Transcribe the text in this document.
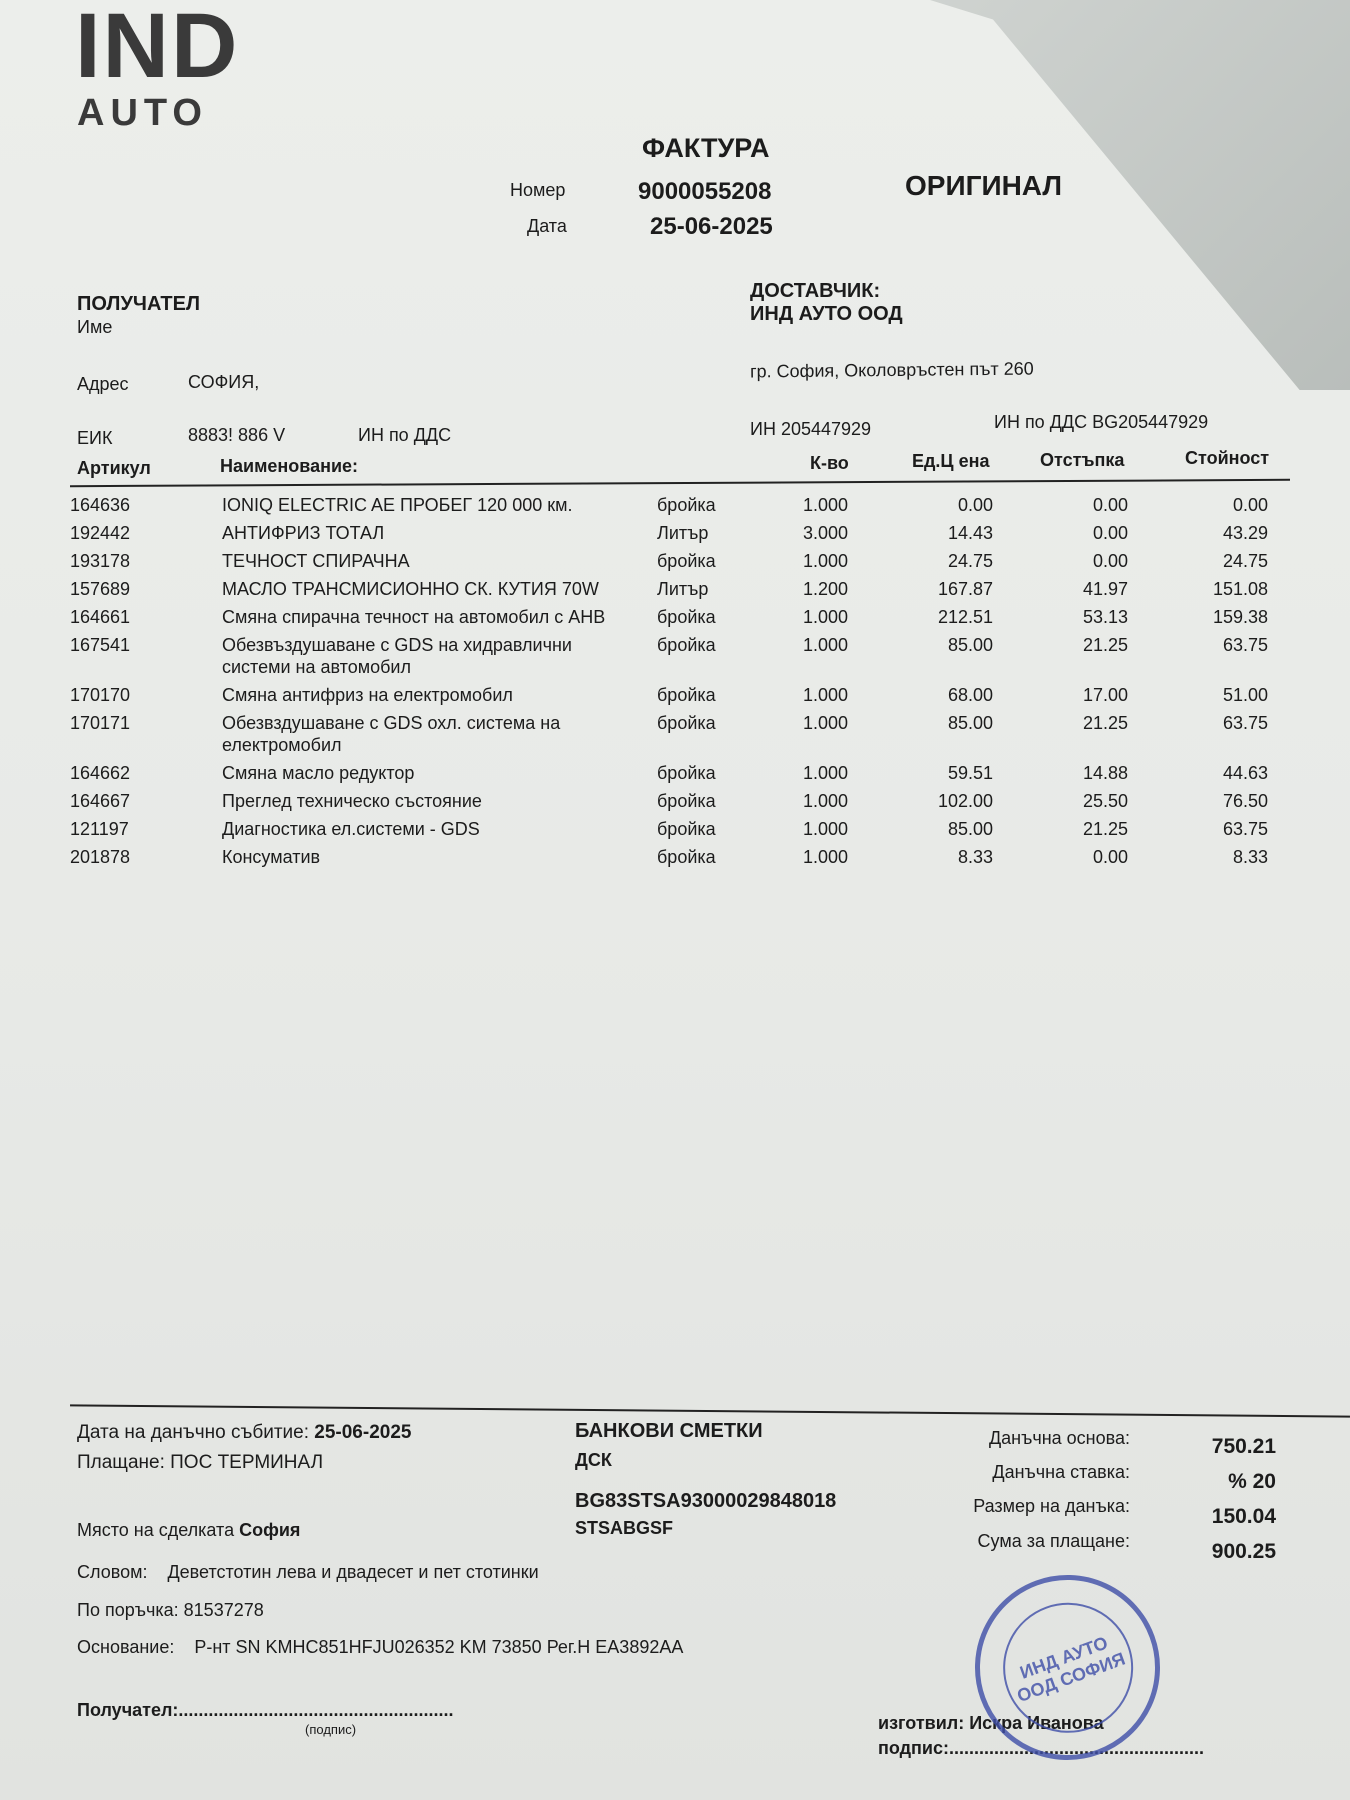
IND
AUTO
ФАКТУРА
Номер	9000055208
Дата	25-06-2025
ОРИГИНАЛ
ПОЛУЧАТЕЛ
Име
Адрес	СОФИЯ,
ЕИК	8883! 886 V	ИН по ДДС
ДОСТАВЧИК:
ИНД АУТО ООД
гр. София, Околовръстен път 260
ИН 205447929	ИН по ДДС BG205447929
Артикул	Наименование:	К-во	Ед.Ц ена	Отстъпка	Стойност
164636	IONIQ ELECTRIC AE ПРОБЕГ 120 000 км.	бройка	1.000	0.00	0.00	0.00
192442	АНТИФРИЗ ТОТАЛ	Литър	3.000	14.43	0.00	43.29
193178	ТЕЧНОСТ СПИРАЧНА	бройка	1.000	24.75	0.00	24.75
157689	МАСЛО ТРАНСМИСИОННО СК. КУТИЯ 70W	Литър	1.200	167.87	41.97	151.08
164661	Смяна спирачна течност на автомобил с АНВ	бройка	1.000	212.51	53.13	159.38
167541	Обезвъздушаване с GDS на хидравлични системи на автомобил
бройка	1.000	85.00	21.25	63.75
170170	Смяна антифриз на електромобил	бройка	1.000	68.00	17.00	51.00
170171	Обезвздушаване с GDS охл. система на електромобил
бройка	1.000	85.00	21.25	63.75
164662	Смяна масло редуктор	бройка	1.000	59.51	14.88	44.63
164667	Преглед техническо състояние	бройка	1.000	102.00	25.50	76.50
121197	Диагностика ел.системи - GDS	бройка	1.000	85.00	21.25	63.75
201878	Консуматив	бройка	1.000	8.33	0.00	8.33
Дата на данъчно събитие: 25-06-2025
Плащане: ПОС ТЕРМИНАЛ
Място на сделката София
Словом: Деветстотин лева и двадесет и пет стотинки
По поръчка: 81537278
Основание: Р-нт SN KMHC851HFJU026352 KM 73850 Рег.Н EA3892AA
БАНКОВИ СМЕТКИ
ДСК
BG83STSA93000029848018
STSABGSF
Данъчна основа:	750.21
Данъчна ставка:	% 20
Размер на данъка:	150.04
Сума за плащане:	900.25
Получател:.......................................................
(подпис)	изготвил: Искра Иванова
подпис:...................................................
ИНД АУТО ООД СОФИЯ
